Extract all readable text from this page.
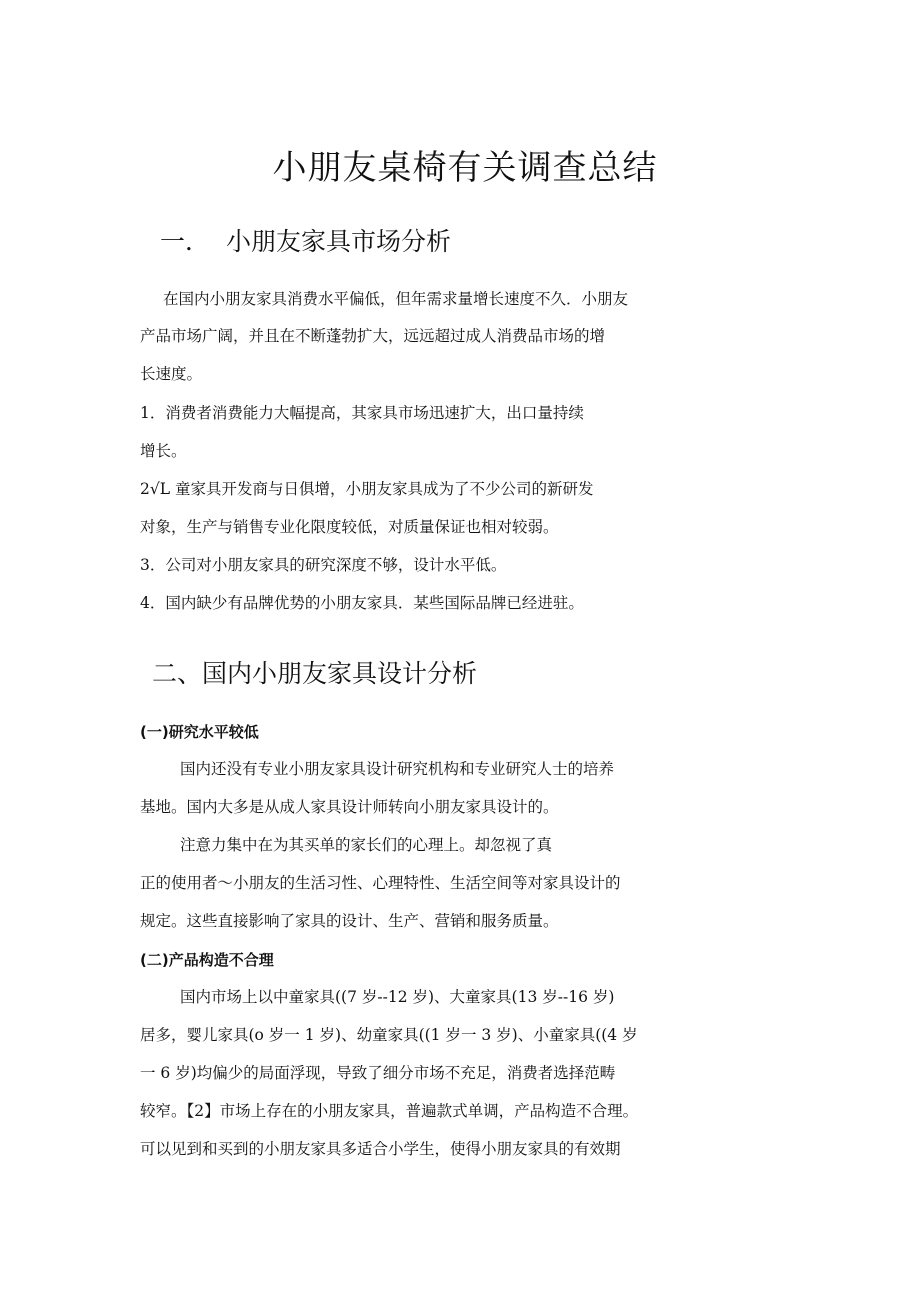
小朋友桌椅有关调查总结
一． 小朋友家具市场分析

在国内小朋友家具消费水平偏低，但年需求量增长速度不久．小朋友

产品市场广阔，并且在不断蓬勃扩大，远远超过成人消费品市场的增

长速度。

1．消费者消费能力大幅提高，其家具市场迅速扩大，出口量持续

增长。

2√L 童家具开发商与日俱增，小朋友家具成为了不少公司的新研发

对象，生产与销售专业化限度较低，对质量保证也相对较弱。

3．公司对小朋友家具的研究深度不够，设计水平低。

4．国内缺少有品牌优势的小朋友家具．某些国际品牌已经进驻。

二、国内小朋友家具设计分析

(一)研究水平较低

国内还没有专业小朋友家具设计研究机构和专业研究人士的培养

基地。国内大多是从成人家具设计师转向小朋友家具设计的。

注意力集中在为其买单的家长们的心理上。却忽视了真

正的使用者～小朋友的生活习性、心理特性、生活空间等对家具设计的

规定。这些直接影响了家具的设计、生产、营销和服务质量。

(二)产品构造不合理

国内市场上以中童家具((7 岁--12 岁)、大童家具(13 岁--16 岁)

居多，婴儿家具(o 岁一 1 岁)、幼童家具((1 岁一 3 岁)、小童家具((4 岁

一 6 岁)均偏少的局面浮现，导致了细分市场不充足，消费者选择范畴

较窄。【2】市场上存在的小朋友家具，普遍款式单调，产品构造不合理。

可以见到和买到的小朋友家具多适合小学生，使得小朋友家具的有效期
